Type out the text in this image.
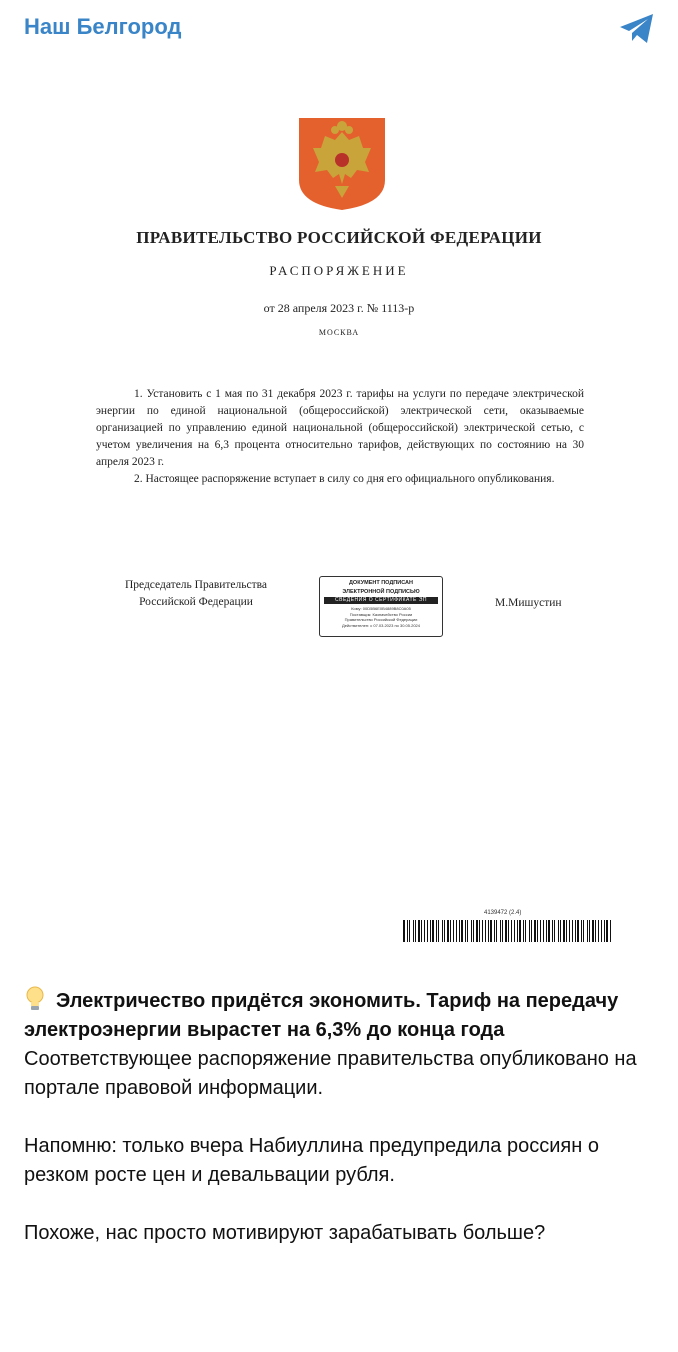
Наш Белгород
ПРАВИТЕЛЬСТВО РОССИЙСКОЙ ФЕДЕРАЦИИ
РАСПОРЯЖЕНИЕ
от 28 апреля 2023 г. № 1113-р
МОСКВА

1. Установить с 1 мая по 31 декабря 2023 г. тарифы на услуги по передаче электрической энергии по единой национальной (общероссийской) электрической сети, оказываемые организацией по управлению единой национальной (общероссийской) электрической сетью, с учетом увеличения на 6,3 процента относительно тарифов, действующих по состоянию на 30 апреля 2023 г.

2. Настоящее распоряжение вступает в силу со дня его официального опубликования.

Председатель Правительства
Российской Федерации
ДОКУМЕНТ ПОДПИСАН
ЭЛЕКТРОННОЙ ПОДПИСЬЮ
СВЕДЕНИЯ О СЕРТИФИКАТЕ ЭП
Кому: 00D5B6E0B4889B8C0A05
Поставщик: Казначейство России
Правительство Российской Федерации
Действителен: с 07.03.2023 по 30.05.2024
М.Мишустин
4139472 (2.4)

Электричество придётся экономить. Тариф на передачу электроэнергии вырастет на 6,3% до конца года

Соответствующее распоряжение правительства опубликовано на портале правовой информации.

Напомню: только вчера Набиуллина предупредила россиян о резком росте цен и девальвации рубля.

Похоже, нас просто мотивируют зарабатывать больше?
